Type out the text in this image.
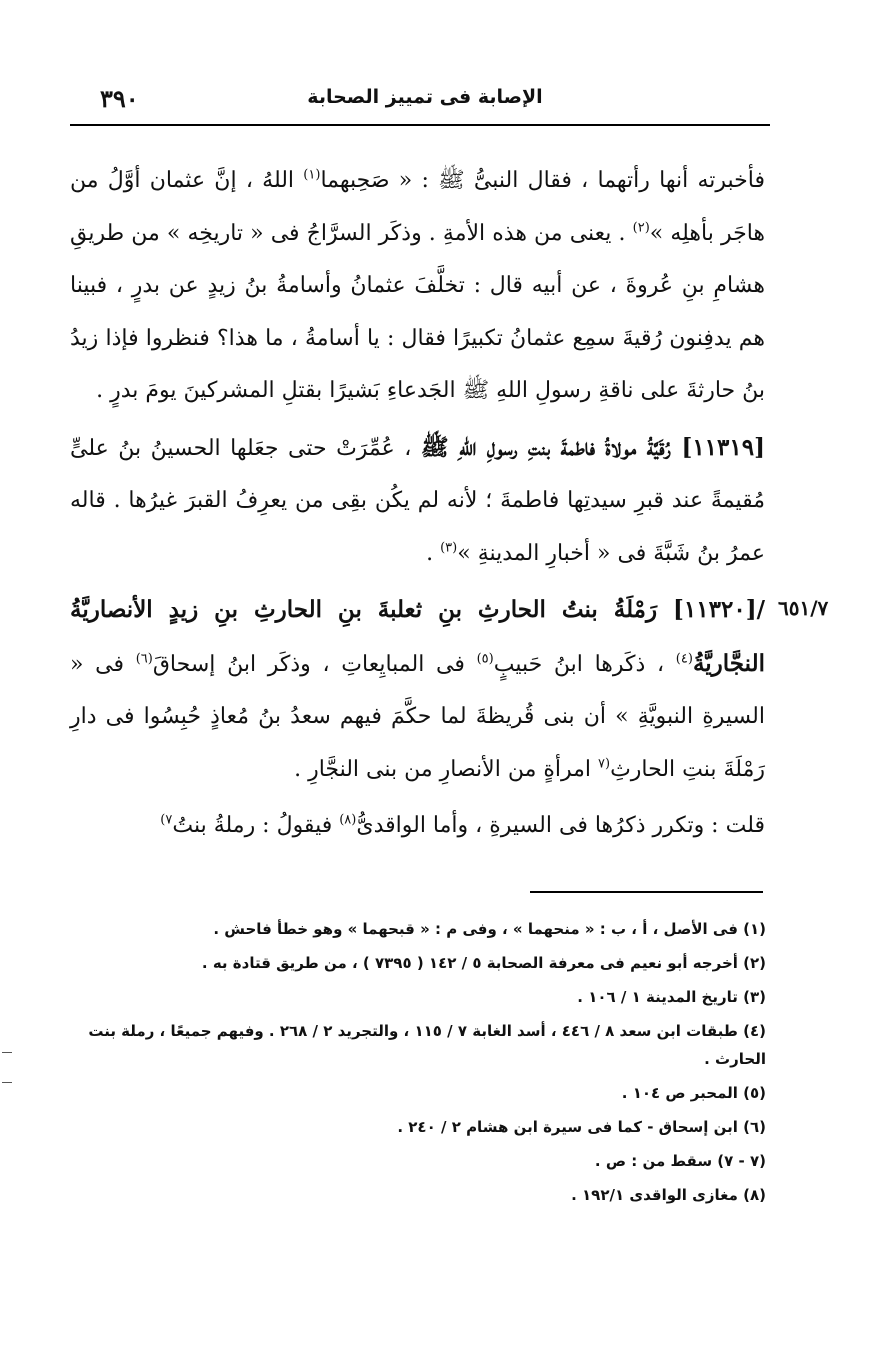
٣٩٠	الإصابة فى تمييز الصحابة
٦٥١/٧

فأخبرته أنها رأتهما ، فقال النبىُّ ﷺ : « صَحِبهما$^{(١)}$ اللهُ ، إنَّ عثمان أوَّلُ من هاجَر بأهلِه »$^{(٢)}$ . يعنى من هذه الأمةِ . وذكَر السرَّاجُ فى « تاريخِه » من طريقِ هشامِ بنِ عُروةَ ، عن أبيه قال : تخلَّفَ عثمانُ وأسامةُ بنُ زيدٍ عن بدرٍ ، فبينا هم يدفِنون رُقيةَ سمِع عثمانُ تكبيرًا فقال : يا أسامةُ ، ما هذا؟ فنظروا فإذا زيدُ بنُ حارثةَ على ناقةِ رسولِ اللهِ ﷺ الجَدعاءِ بَشيرًا بقتلِ المشركينَ يومَ بدرٍ .

[١١٣١٩] رُقَيَّةُ مولاةُ فاطمةَ بنتِ رسولِ اللهِ ﷺ ، عُمِّرَتْ حتى جعَلها الحسينُ بنُ علىٍّ مُقيمةً عند قبرِ سيدتِها فاطمةَ ؛ لأنه لم يكُن بقِى من يعرِفُ القبرَ غيرُها . قاله عمرُ بنُ شَبَّةَ فى « أخبارِ المدينةِ »$^{(٣)}$ .

/[١١٣٢٠] رَمْلَةُ بنتُ الحارثِ بنِ ثعلبةَ بنِ الحارثِ بنِ زيدٍ الأنصاريَّةُ النجَّاريَّةُ$^{(٤)}$ ، ذكَرها ابنُ حَبيبٍ$^{(٥)}$ فى المبايِعاتِ ، وذكَر ابنُ إسحاقَ$^{(٦)}$ فى « السيرةِ النبويَّةِ » أن بنى قُريظةَ لما حكَّمَ فيهم سعدُ بنُ مُعاذٍ حُبِسُوا فى دارِ رَمْلَةَ بنتِ الحارثِ$^{(٧}$ امرأةٍ من الأنصارِ من بنى النجَّارِ .

قلت : وتكرر ذكرُها فى السيرةِ ، وأما الواقدىُّ$^{(٨)}$ فيقولُ : رملةُ بنتُ$^{٧)}$

(١) فى الأصل ، أ ، ب : « منحهما » ، وفى م : « قبحهما » وهو خطأ فاحش .
(٢) أخرجه أبو نعيم فى معرفة الصحابة ٥ / ١٤٢ ( ٧٣٩٥ ) ، من طريق قتادة به .
(٣) تاريخ المدينة ١ / ١٠٦ .
(٤) طبقات ابن سعد ٨ / ٤٤٦ ، أسد الغابة ٧ / ١١٥ ، والتجريد ٢ / ٢٦٨ . وفيهم جميعًا ، رملة بنت الحارث .
(٥) المحبر ص ١٠٤ .
(٦) ابن إسحاق - كما فى سيرة ابن هشام ٢ / ٢٤٠ .
(٧ - ٧) سقط من : ص .
(٨) مغازى الواقدى ١٩٢/١ .
